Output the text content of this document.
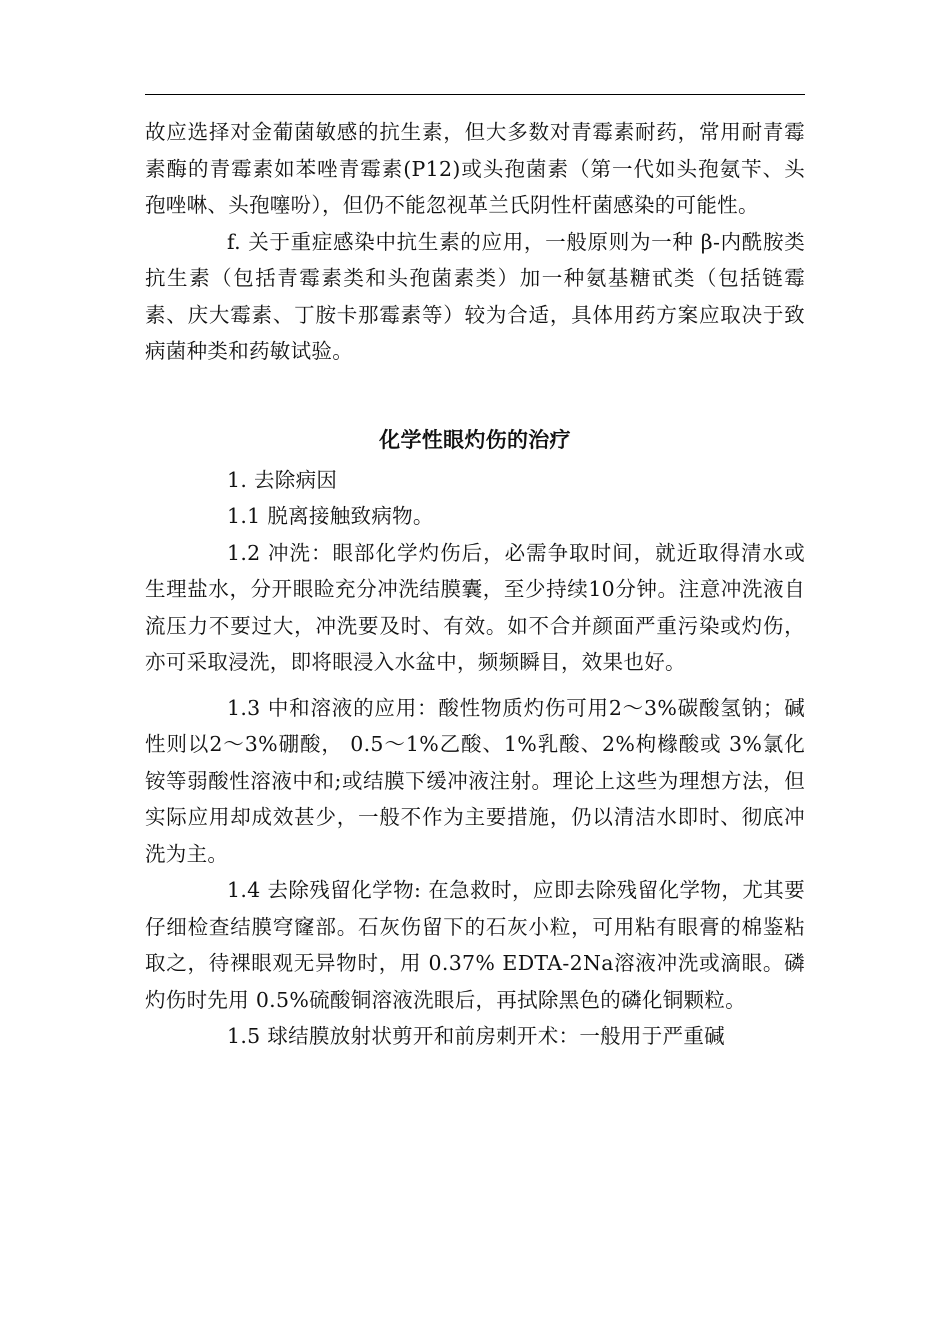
故应选择对金葡菌敏感的抗生素，但大多数对青霉素耐药，常用耐青霉素酶的青霉素如苯唑青霉素(P12)或头孢菌素（第一代如头孢氨苄、头孢唑啉、头孢噻吩），但仍不能忽视革兰氏阴性杆菌感染的可能性。

f. 关于重症感染中抗生素的应用，一般原则为一种 β-内酰胺类抗生素（包括青霉素类和头孢菌素类）加一种氨基糖甙类（包括链霉素、庆大霉素、丁胺卡那霉素等）较为合适，具体用药方案应取决于致病菌种类和药敏试验。

化学性眼灼伤的治疗

1. 去除病因

1.1 脱离接触致病物。

1.2 冲洗：眼部化学灼伤后，必需争取时间，就近取得清水或生理盐水，分开眼睑充分冲洗结膜囊，至少持续10分钟。注意冲洗液自流压力不要过大，冲洗要及时、有效。如不合并颜面严重污染或灼伤，亦可采取浸洗，即将眼浸入水盆中，频频瞬目，效果也好。

1.3 中和溶液的应用：酸性物质灼伤可用2～3%碳酸氢钠；碱性则以2～3%硼酸， 0.5～1%乙酸、1%乳酸、2%枸橼酸或 3%氯化铵等弱酸性溶液中和;或结膜下缓冲液注射。理论上这些为理想方法，但实际应用却成效甚少，一般不作为主要措施，仍以清洁水即时、彻底冲洗为主。

1.4 去除残留化学物: 在急救时，应即去除残留化学物，尤其要仔细检查结膜穹窿部。石灰伤留下的石灰小粒，可用粘有眼膏的棉鉴粘取之，待裸眼观无异物时，用 0.37% EDTA-2Na溶液冲洗或滴眼。磷灼伤时先用 0.5%硫酸铜溶液洗眼后，再拭除黑色的磷化铜颗粒。

1.5 球结膜放射状剪开和前房刺开术：一般用于严重碱
